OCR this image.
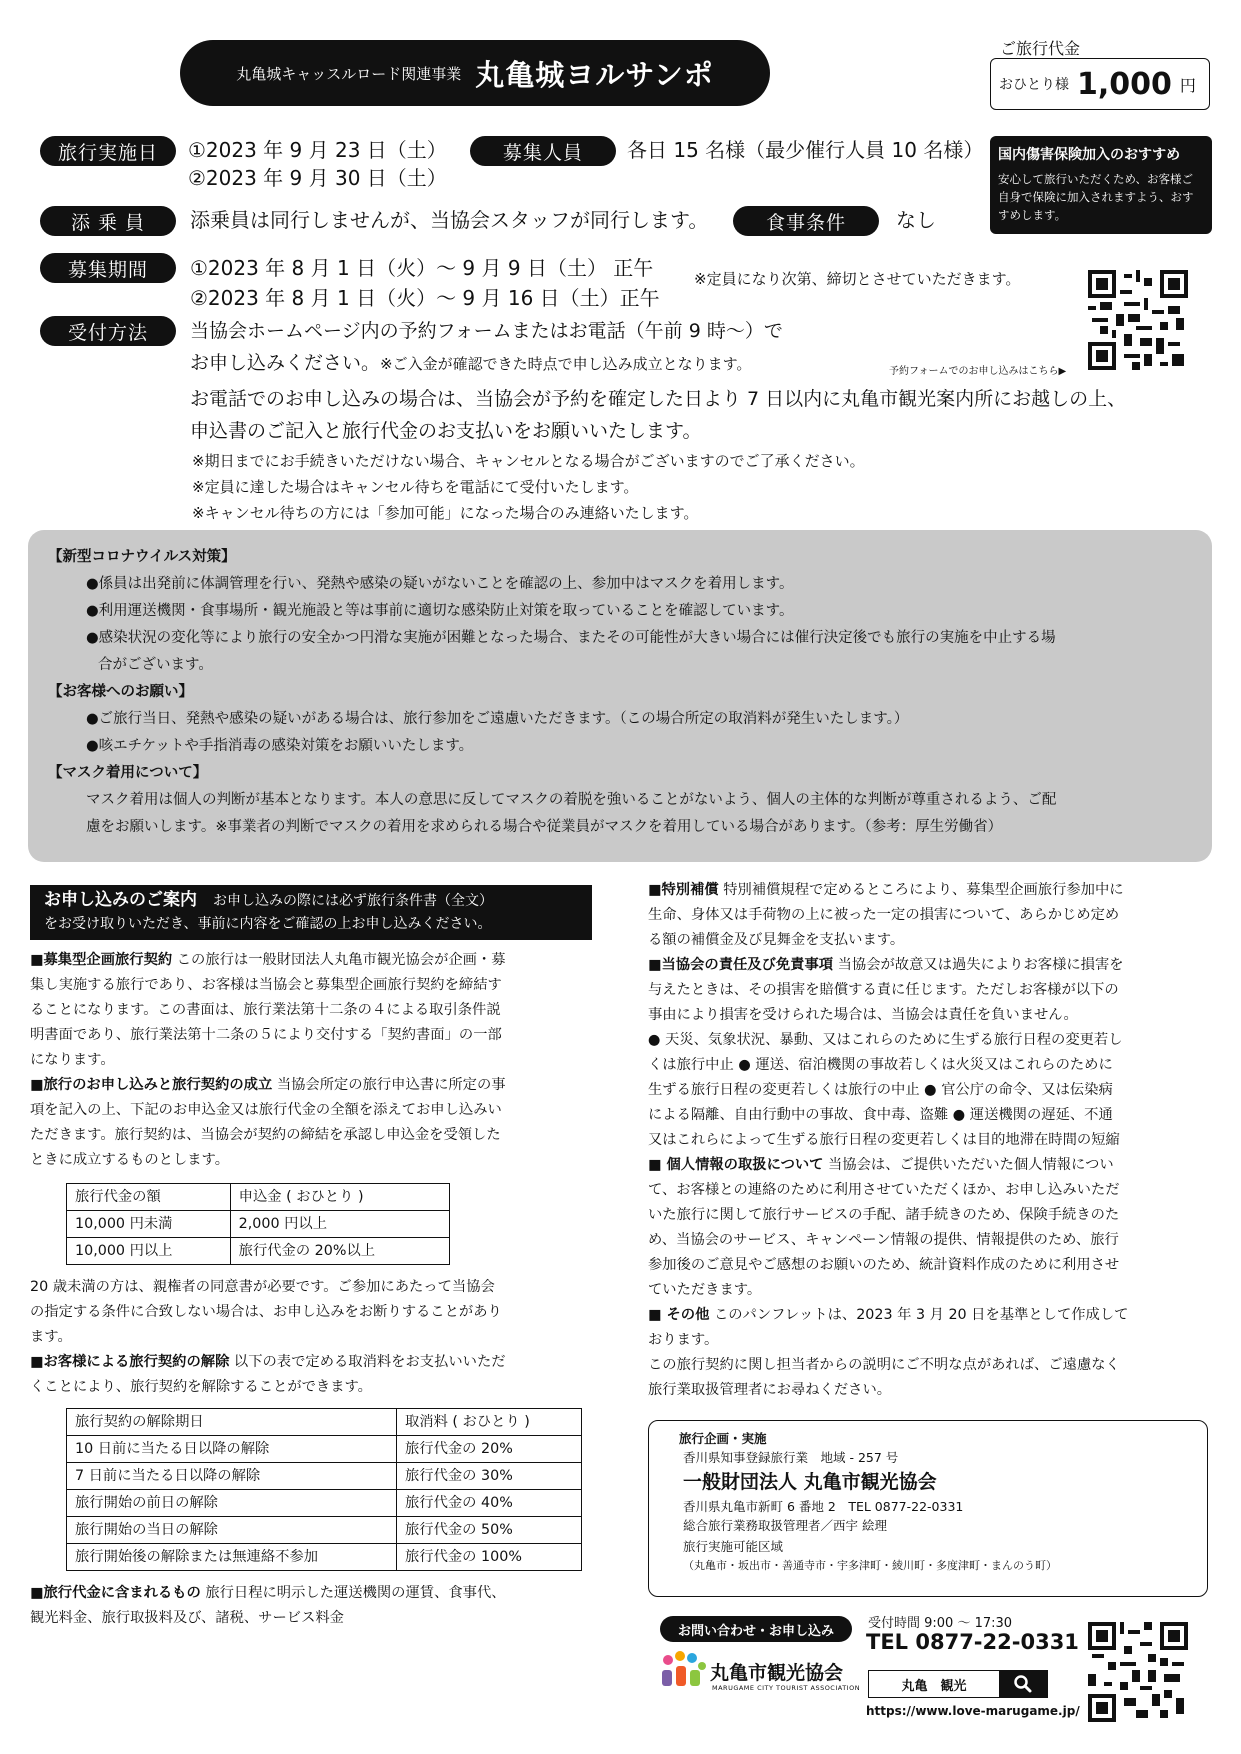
丸亀城キャッスルロード関連事業 丸亀城ヨルサンポ
ご旅行代金
おひとり様 1,000 円
旅行実施日	①2023 年 9 月 23 日（土）
②2023 年 9 月 30 日（土）
募集人員	各日 15 名様（最少催行人員 10 名様） 国内傷害保険加入のおすすめ
安心して旅行いただくため、お客様ご自身で保険に加入されますよう、おすすめします。
添 乗 員	添乗員は同行しませんが、当協会スタッフが同行します。	食事条件	なし
募集期間	①2023 年 8 月 1 日（火）～ 9 月 9 日（土） 正午
②2023 年 8 月 1 日（火）～ 9 月 16 日（土）正午
※定員になり次第、締切とさせていただきます。
受付方法	当協会ホームページ内の予約フォームまたはお電話（午前 9 時～）で
お申し込みください。※ご入金が確認できた時点で申し込み成立となります。	予約フォームでのお申し込みはこちら▶
お電話でのお申し込みの場合は、当協会が予約を確定した日より 7 日以内に丸亀市観光案内所にお越しの上、
申込書のご記入と旅行代金のお支払いをお願いいたします。
※期日までにお手続きいただけない場合、キャンセルとなる場合がございますのでご了承ください。
※定員に達した場合はキャンセル待ちを電話にて受付いたします。
※キャンセル待ちの方には「参加可能」になった場合のみ連絡いたします。
【新型コロナウイルス対策】
●係員は出発前に体調管理を行い、発熱や感染の疑いがないことを確認の上、参加中はマスクを着用します。
●利用運送機関・食事場所・観光施設と等は事前に適切な感染防止対策を取っていることを確認しています。
●感染状況の変化等により旅行の安全かつ円滑な実施が困難となった場合、またその可能性が大きい場合には催行決定後でも旅行の実施を中止する場
合がございます。
【お客様へのお願い】
●ご旅行当日、発熱や感染の疑いがある場合は、旅行参加をご遠慮いただきます。（この場合所定の取消料が発生いたします。）
●咳エチケットや手指消毒の感染対策をお願いいたします。
【マスク着用について】
マスク着用は個人の判断が基本となります。本人の意思に反してマスクの着脱を強いることがないよう、個人の主体的な判断が尊重されるよう、ご配
慮をお願いします。※事業者の判断でマスクの着用を求められる場合や従業員がマスクを着用している場合があります。（参考：厚生労働省）
お申し込みのご案内 お申し込みの際には必ず旅行条件書（全文）
をお受け取りいただき、事前に内容をご確認の上お申し込みください。
■募集型企画旅行契約 この旅行は一般財団法人丸亀市観光協会が企画・募
集し実施する旅行であり、お客様は当協会と募集型企画旅行契約を締結す
ることになります。この書面は、旅行業法第十二条の４による取引条件説
明書面であり、旅行業法第十二条の５により交付する「契約書面」の一部
になります。
■旅行のお申し込みと旅行契約の成立 当協会所定の旅行申込書に所定の事
項を記入の上、下記のお申込金又は旅行代金の全額を添えてお申し込みい
ただきます。旅行契約は、当協会が契約の締結を承認し申込金を受領した
ときに成立するものとします。
旅行代金の額	申込金 ( おひとり )
10,000 円未満	2,000 円以上
10,000 円以上	旅行代金の 20%以上
20 歳未満の方は、親権者の同意書が必要です。ご参加にあたって当協会
の指定する条件に合致しない場合は、お申し込みをお断りすることがあり
ます。
■お客様による旅行契約の解除 以下の表で定める取消料をお支払いいただ
くことにより、旅行契約を解除することができます。
旅行契約の解除期日	取消料 ( おひとり )
10 日前に当たる日以降の解除	旅行代金の 20%
7 日前に当たる日以降の解除	旅行代金の 30%
旅行開始の前日の解除	旅行代金の 40%
旅行開始の当日の解除	旅行代金の 50%
旅行開始後の解除または無連絡不参加	旅行代金の 100%
■旅行代金に含まれるもの 旅行日程に明示した運送機関の運賃、食事代、
観光料金、旅行取扱料及び、諸税、サービス料金
■特別補償 特別補償規程で定めるところにより、募集型企画旅行参加中に
生命、身体又は手荷物の上に被った一定の損害について、あらかじめ定め
る額の補償金及び見舞金を支払います。
■当協会の責任及び免責事項 当協会が故意又は過失によりお客様に損害を
与えたときは、その損害を賠償する責に任じます。ただしお客様が以下の
事由により損害を受けられた場合は、当協会は責任を負いません。
● 天災、気象状況、暴動、又はこれらのために生ずる旅行日程の変更若し
くは旅行中止 ● 運送、宿泊機関の事故若しくは火災又はこれらのために
生ずる旅行日程の変更若しくは旅行の中止 ● 官公庁の命令、又は伝染病
による隔離、自由行動中の事故、食中毒、盗難 ● 運送機関の遅延、不通
又はこれらによって生ずる旅行日程の変更若しくは目的地滞在時間の短縮
■ 個人情報の取扱について 当協会は、ご提供いただいた個人情報につい
て、お客様との連絡のために利用させていただくほか、お申し込みいただ
いた旅行に関して旅行サービスの手配、諸手続きのため、保険手続きのた
め、当協会のサービス、キャンペーン情報の提供、情報提供のため、旅行
参加後のご意見やご感想のお願いのため、統計資料作成のために利用させ
ていただきます。
■ その他 このパンフレットは、2023 年 3 月 20 日を基準として作成して
おります。
この旅行契約に関し担当者からの説明にご不明な点があれば、ご遠慮なく
旅行業取扱管理者にお尋ねください。
旅行企画・実施
香川県知事登録旅行業　地域 - 257 号
一般財団法人 丸亀市観光協会
香川県丸亀市新町 6 番地 2　TEL 0877-22-0331
総合旅行業務取扱管理者／西宇 絵理
旅行実施可能区域
（丸亀市・坂出市・善通寺市・宇多津町・綾川町・多度津町・まんのう町）
お問い合わせ・お申し込み
丸亀市観光協会
MARUGAME CITY TOURIST ASSOCIATION
受付時間 9:00 ～ 17:30
TEL 0877-22-0331
丸亀　観光
https://www.love-marugame.jp/
